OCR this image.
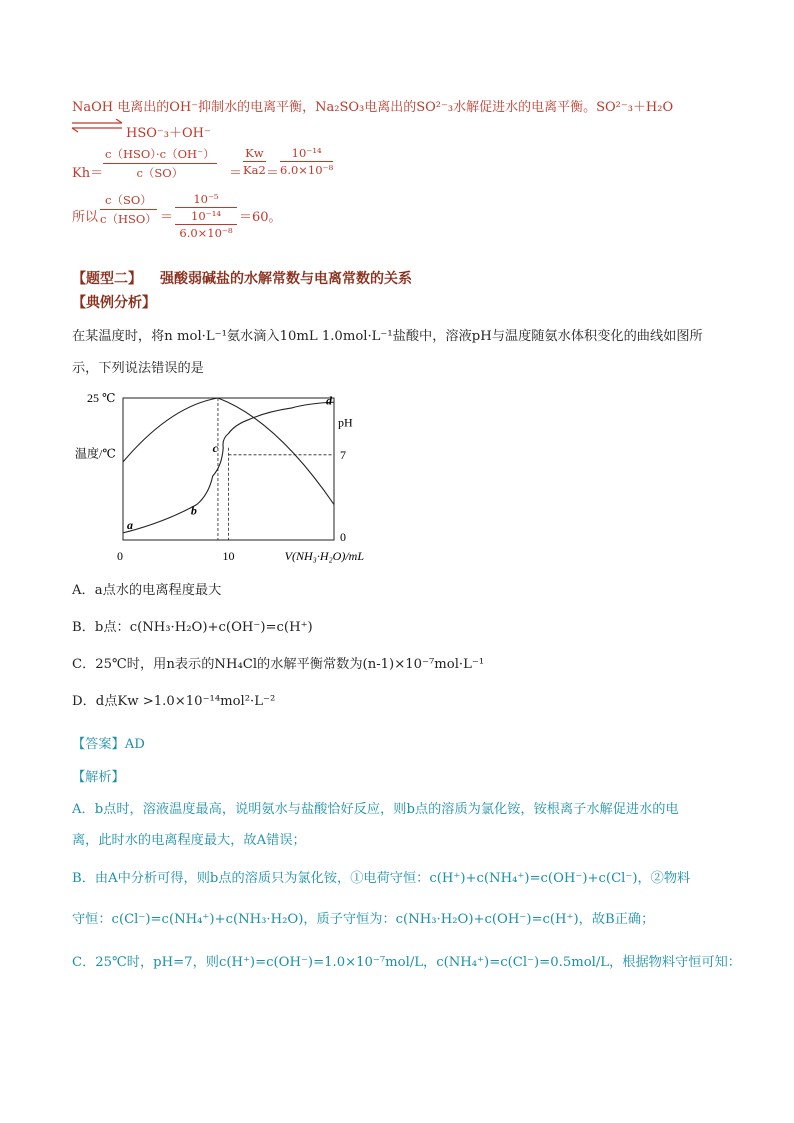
NaOH 电离出的OH⁻抑制水的电离平衡，Na₂SO₃电离出的SO²⁻₃水解促进水的电离平衡。SO²⁻₃＋H₂O
⇌ HSO⁻₃＋OH⁻
Kh＝
c（HSO）·c（OH⁻）
c（SO）	＝ $\frac{Kw}{Ka2} = \frac{\text{10⁻¹⁴}}{\text{6.0×10⁻⁸}}$
所以
c（SO）
c（HSO） ＝ 10⁻⁵
10⁻¹⁴
6.0×10⁻⁸ ＝60。
【题型二】 强酸弱碱盐的水解常数与电离常数的关系
【典例分析】
在某温度时，将n mol·L⁻¹氨水滴入10mL 1.0mol·L⁻¹盐酸中，溶液pH与温度随氨水体积变化的曲线如图所
示，下列说法错误的是
0	10
25 ℃
7
0
温度/℃
pH
V(NH₃·H₂O)/mL
a
b
c
d
A．a点水的电离程度最大
B．b点：c(NH₃·H₂O)+c(OH⁻)=c(H⁺)
C．25℃时，用n表示的NH₄Cl的水解平衡常数为(n-1)×10⁻⁷mol·L⁻¹
D．d点Kw >1.0×10⁻¹⁴mol²·L⁻²
【答案】AD
【解析】
A．b点时，溶液温度最高，说明氨水与盐酸恰好反应，则b点的溶质为氯化铵，铵根离子水解促进水的电
离，此时水的电离程度最大，故A错误；
B．由A中分析可得，则b点的溶质只为氯化铵，①电荷守恒：c(H⁺)+c(NH₄⁺)=c(OH⁻)+c(Cl⁻)，②物料
守恒：c(Cl⁻)=c(NH₄⁺)+c(NH₃·H₂O)，质子守恒为：c(NH₃·H₂O)+c(OH⁻)=c(H⁺)，故B正确；
C．25℃时，pH=7，则c(H⁺)=c(OH⁻)=1.0×10⁻⁷mol/L，c(NH₄⁺)=c(Cl⁻)=0.5mol/L，根据物料守恒可知：
